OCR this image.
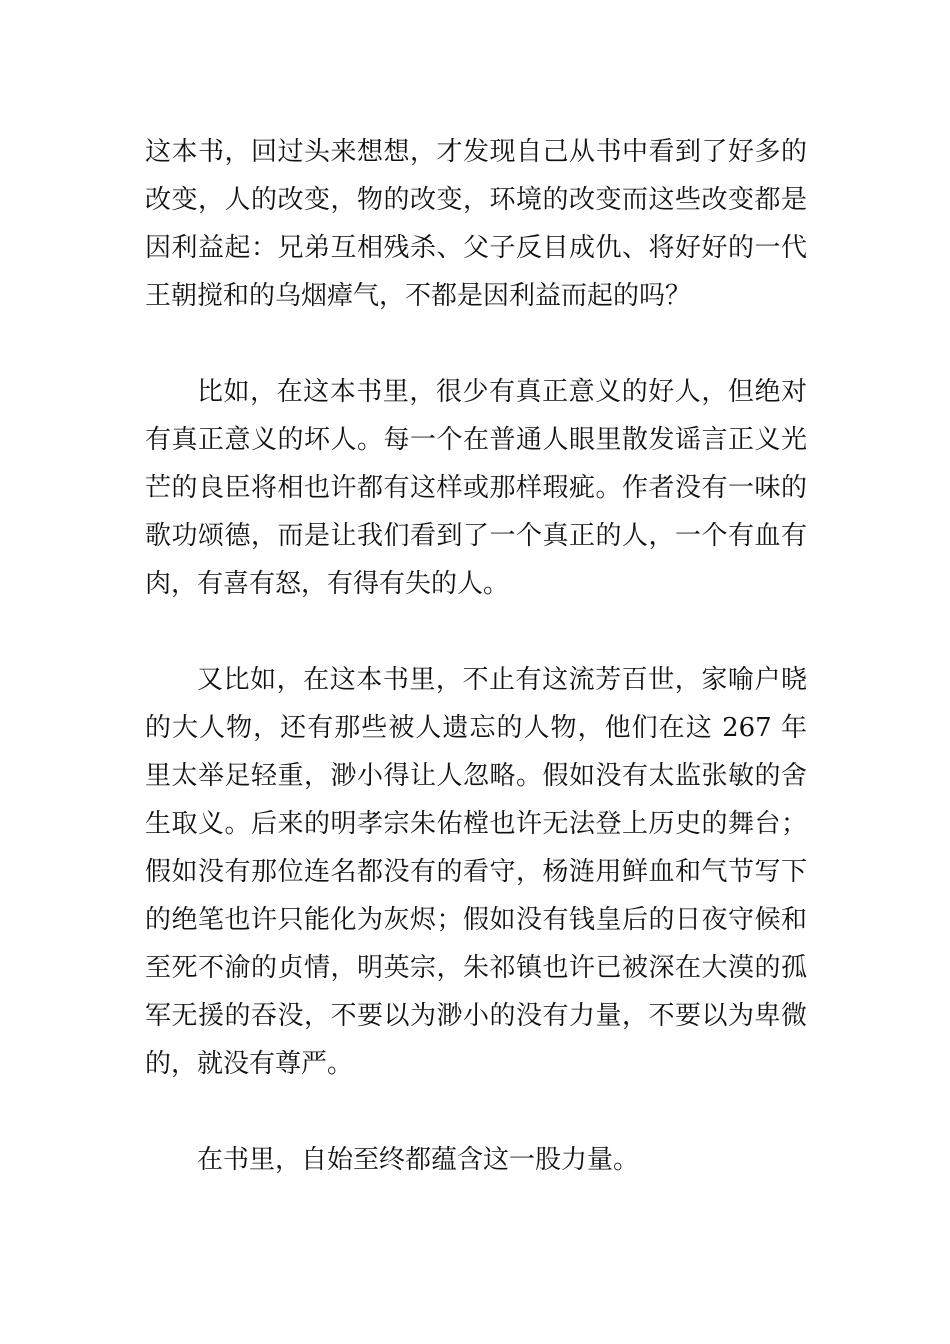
这本书，回过头来想想，才发现自己从书中看到了好多的改变，人的改变，物的改变，环境的改变而这些改变都是因利益起：兄弟互相残杀、父子反目成仇、将好好的一代王朝搅和的乌烟瘴气，不都是因利益而起的吗？

比如，在这本书里，很少有真正意义的好人，但绝对有真正意义的坏人。每一个在普通人眼里散发谣言正义光芒的良臣将相也许都有这样或那样瑕疵。作者没有一味的歌功颂德，而是让我们看到了一个真正的人，一个有血有肉，有喜有怒，有得有失的人。

又比如，在这本书里，不止有这流芳百世，家喻户晓的大人物，还有那些被人遗忘的人物，他们在这 267 年里太举足轻重，渺小得让人忽略。假如没有太监张敏的舍生取义。后来的明孝宗朱佑樘也许无法登上历史的舞台；假如没有那位连名都没有的看守，杨涟用鲜血和气节写下的绝笔也许只能化为灰烬；假如没有钱皇后的日夜守候和至死不渝的贞情，明英宗，朱祁镇也许已被深在大漠的孤军无援的吞没，不要以为渺小的没有力量，不要以为卑微的，就没有尊严。

在书里，自始至终都蕴含这一股力量。
